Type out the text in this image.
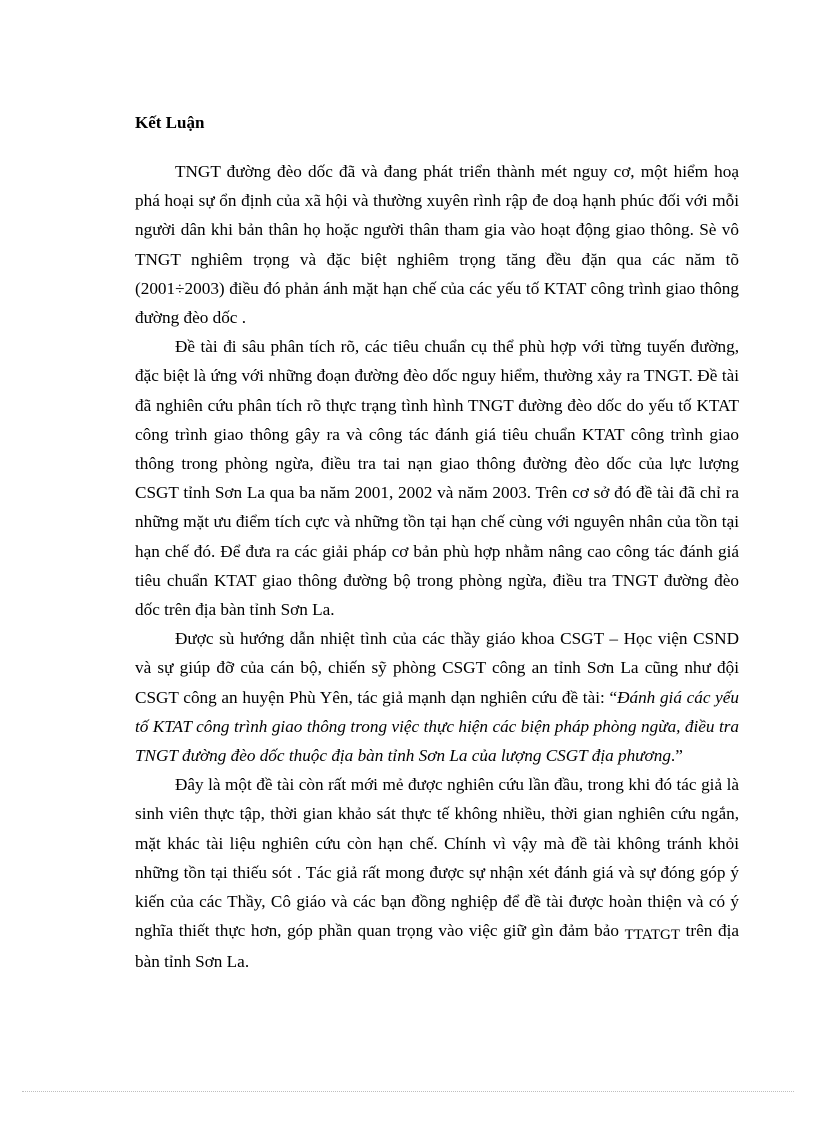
Kết Luận

TNGT đường đèo dốc đã và đang phát triển thành mét nguy cơ, một hiểm hoạ phá hoại sự ổn định của xã hội và thường xuyên rình rập đe doạ hạnh phúc đối với mỗi người dân khi bản thân họ hoặc người thân tham gia vào hoạt động giao thông. Sè vô TNGT nghiêm trọng và đặc biệt nghiêm trọng tăng đều đặn qua các năm tõ (2001÷2003) điều đó phản ánh mặt hạn chế của các yếu tố KTAT công trình giao thông đường đèo dốc .

Đề tài đi sâu phân tích rõ, các tiêu chuẩn cụ thể phù hợp với từng tuyến đường, đặc biệt là ứng với những đoạn đường đèo dốc nguy hiểm, thường xảy ra TNGT. Đề tài đã nghiên cứu phân tích rõ thực trạng tình hình TNGT đường đèo dốc do yếu tố KTAT công trình giao thông gây ra và công tác đánh giá tiêu chuẩn KTAT công trình giao thông trong phòng ngừa, điều tra tai nạn giao thông đường đèo dốc của lực lượng CSGT tỉnh Sơn La qua ba năm 2001, 2002 và năm 2003. Trên cơ sở đó đề tài đã chỉ ra những mặt ưu điểm tích cực và những tồn tại hạn chế cùng với nguyên nhân của tồn tại hạn chế đó. Để đưa ra các giải pháp cơ bản phù hợp nhằm nâng cao công tác đánh giá tiêu chuẩn KTAT giao thông đường bộ trong phòng ngừa, điều tra TNGT đường đèo dốc trên địa bàn tỉnh Sơn La.

Được sù hướng dẫn nhiệt tình của các thầy giáo khoa CSGT – Học viện CSND và sự giúp đỡ của cán bộ, chiến sỹ phòng CSGT công an tỉnh Sơn La cũng như đội CSGT công an huyện Phù Yên, tác giả mạnh dạn nghiên cứu đề tài: “Đánh giá các yếu tố KTAT công trình giao thông trong việc thực hiện các biện pháp phòng ngừa, điều tra TNGT đường đèo dốc thuộc địa bàn tỉnh Sơn La của lượng CSGT địa phương.”

Đây là một đề tài còn rất mới mẻ được nghiên cứu lần đầu, trong khi đó tác giả là sinh viên thực tập, thời gian khảo sát thực tế không nhiều, thời gian nghiên cứu ngắn, mặt khác tài liệu nghiên cứu còn hạn chế. Chính vì vậy mà đề tài không tránh khỏi những tồn tại thiếu sót . Tác giả rất mong được sự nhận xét đánh giá và sự đóng góp ý kiến của các Thầy, Cô giáo và các bạn đồng nghiệp để đề tài được hoàn thiện và có ý nghĩa thiết thực hơn, góp phần quan trọng vào việc giữ gìn đảm bảo TTATGT trên địa bàn tỉnh Sơn La.
